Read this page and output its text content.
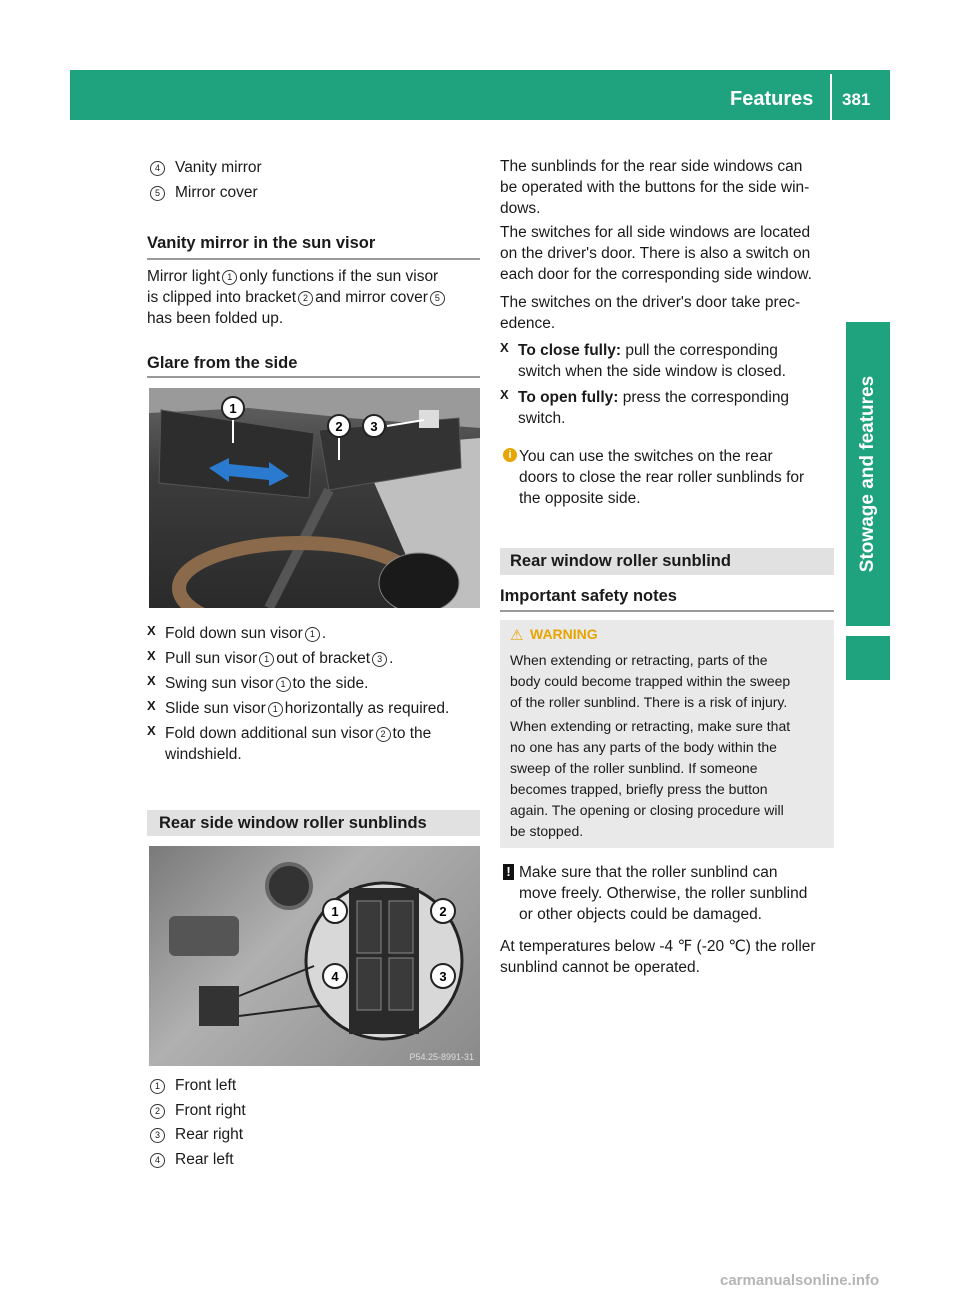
Features 381
Stowage and features
4 Vanity mirror
5 Mirror cover
Vanity mirror in the sun visor
Mirror light 1 only functions if the sun visor
is clipped into bracket 2 and mirror cover 5
has been folded up.
Glare from the side
1
2 3
X Fold down sun visor 1 .
X Pull sun visor 1 out of bracket 3 .
X Swing sun visor 1 to the side.
X Slide sun visor 1 horizontally as required.
X Fold down additional sun visor 2 to the
windshield.
Rear side window roller sunblinds
1	2
3
4
P54.25-8991-31
1 Front left
2 Front right
3 Rear right
4 Rear left
The sunblinds for the rear side windows can
be operated with the buttons for the side win-
dows.
The switches for all side windows are located
on the driver's door. There is also a switch on
each door for the corresponding side window.
The switches on the driver's door take prec-
edence.
X To close fully: pull the corresponding
switch when the side window is closed.
X To open fully: press the corresponding
switch.
i You can use the switches on the rear
doors to close the rear roller sunblinds for
the opposite side.
Rear window roller sunblind
Important safety notes
⚠ WARNING
When extending or retracting, parts of the
body could become trapped within the sweep
of the roller sunblind. There is a risk of injury.
When extending or retracting, make sure that
no one has any parts of the body within the
sweep of the roller sunblind. If someone
becomes trapped, briefly press the button
again. The opening or closing procedure will
be stopped.
! Make sure that the roller sunblind can
move freely. Otherwise, the roller sunblind
or other objects could be damaged.
At temperatures below -4 ℉ (-20 ℃) the roller
sunblind cannot be operated.
carmanualsonline.info
